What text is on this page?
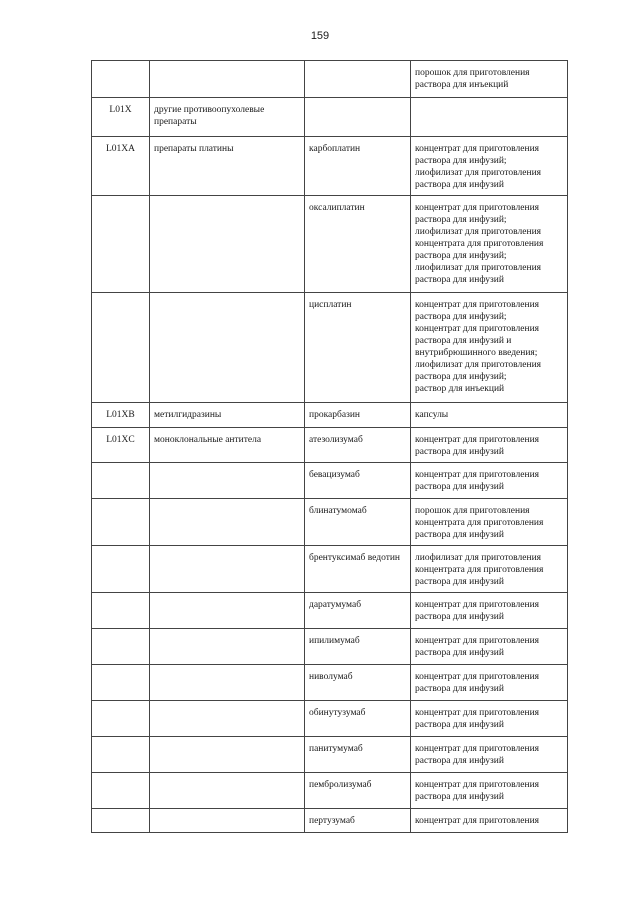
159
			порошок для приготовления раствора для инъекций
L01X	другие противоопухолевые препараты		
L01XA	препараты платины	карбоплатин	концентрат для приготовления раствора для инфузий;
лиофилизат для приготовления раствора для инфузий
		оксалиплатин	концентрат для приготовления раствора для инфузий;
лиофилизат для приготовления концентрата для приготовления раствора для инфузий;
лиофилизат для приготовления раствора для инфузий
		цисплатин	концентрат для приготовления раствора для инфузий;
концентрат для приготовления раствора для инфузий и внутрибрюшинного введения;
лиофилизат для приготовления раствора для инфузий;
раствор для инъекций
L01XB	метилгидразины	прокарбазин	капсулы
L01XC	моноклональные антитела	атезолизумаб	концентрат для приготовления раствора для инфузий
		бевацизумаб	концентрат для приготовления раствора для инфузий
		блинатумомаб	порошок для приготовления концентрата для приготовления раствора для инфузий
		брентуксимаб ведотин	лиофилизат для приготовления концентрата для приготовления раствора для инфузий
		даратумумаб	концентрат для приготовления раствора для инфузий
		ипилимумаб	концентрат для приготовления раствора для инфузий
		ниволумаб	концентрат для приготовления раствора для инфузий
		обинутузумаб	концентрат для приготовления раствора для инфузий
		панитумумаб	концентрат для приготовления раствора для инфузий
		пембролизумаб	концентрат для приготовления раствора для инфузий
		пертузумаб	концентрат для приготовления
